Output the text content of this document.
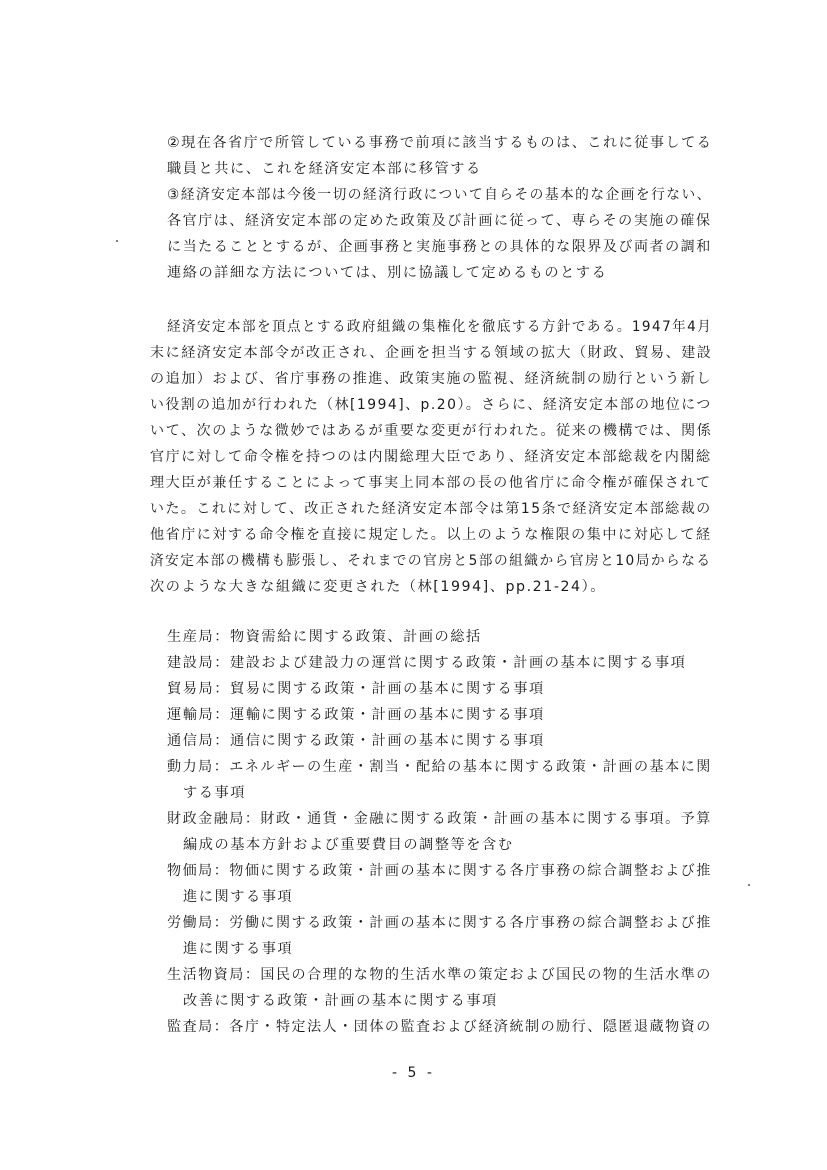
②現在各省庁で所管している事務で前項に該当するものは、これに従事してる
職員と共に、これを経済安定本部に移管する
③経済安定本部は今後一切の経済行政について自らその基本的な企画を行ない、
各官庁は、経済安定本部の定めた政策及び計画に従って、専らその実施の確保
に当たることとするが、企画事務と実施事務との具体的な限界及び両者の調和
連絡の詳細な方法については、別に協議して定めるものとする
経済安定本部を頂点とする政府組織の集権化を徹底する方針である。1947年4月
末に経済安定本部令が改正され、企画を担当する領域の拡大（財政、貿易、建設
の追加）および、省庁事務の推進、政策実施の監視、経済統制の励行という新し
い役割の追加が行われた（林[1994]、p.20）。さらに、経済安定本部の地位につ
いて、次のような微妙ではあるが重要な変更が行われた。従来の機構では、関係
官庁に対して命令権を持つのは内閣総理大臣であり、経済安定本部総裁を内閣総
理大臣が兼任することによって事実上同本部の長の他省庁に命令権が確保されて
いた。これに対して、改正された経済安定本部令は第15条で経済安定本部総裁の
他省庁に対する命令権を直接に規定した。以上のような権限の集中に対応して経
済安定本部の機構も膨張し、それまでの官房と5部の組織から官房と10局からなる
次のような大きな組織に変更された（林[1994]、pp.21-24）。
生産局：物資需給に関する政策、計画の総括
建設局：建設および建設力の運営に関する政策・計画の基本に関する事項
貿易局：貿易に関する政策・計画の基本に関する事項
運輸局：運輸に関する政策・計画の基本に関する事項
通信局：通信に関する政策・計画の基本に関する事項
動力局：エネルギーの生産・割当・配給の基本に関する政策・計画の基本に関
する事項
財政金融局：財政・通貨・金融に関する政策・計画の基本に関する事項。予算
編成の基本方針および重要費目の調整等を含む
物価局：物価に関する政策・計画の基本に関する各庁事務の綜合調整および推
進に関する事項
労働局：労働に関する政策・計画の基本に関する各庁事務の綜合調整および推
進に関する事項
生活物資局：国民の合理的な物的生活水準の策定および国民の物的生活水準の
改善に関する政策・計画の基本に関する事項
監査局：各庁・特定法人・団体の監査および経済統制の励行、隠匿退蔵物資の
- 5 -
